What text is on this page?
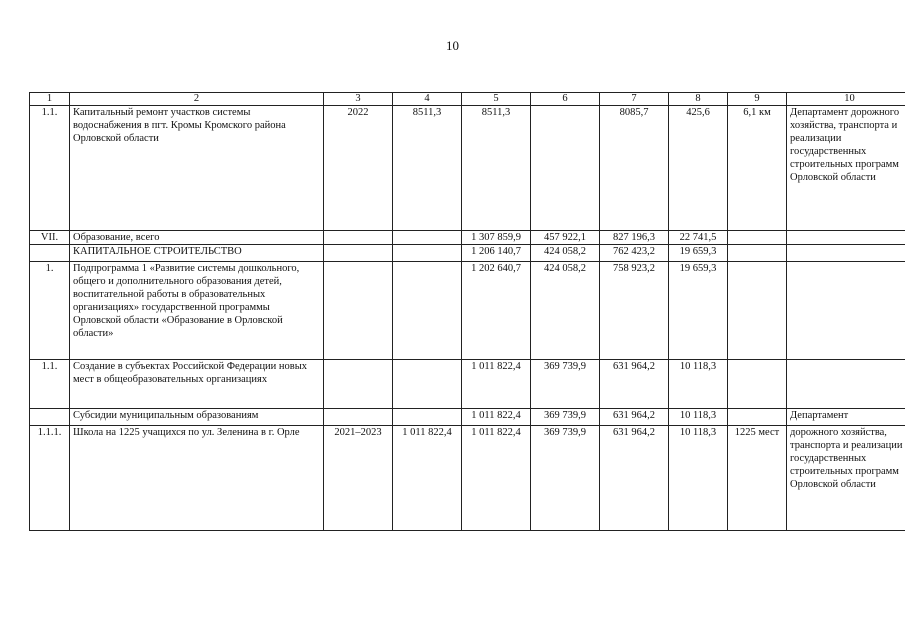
10
1	2	3	4	5	6	7	8	9	10
1.1.	Капитальный ремонт участков системы водоснабжения в пгт. Кромы Кромского района Орловской области	2022	8511,3	8511,3		8085,7	425,6	6,1 км	Департамент дорожного хозяйства, транспорта и реализации государственных строительных программ Орловской области
VII.	Образование, всего			1 307 859,9	457 922,1	827 196,3	22 741,5		
	КАПИТАЛЬНОЕ СТРОИТЕЛЬСТВО			1 206 140,7	424 058,2	762 423,2	19 659,3		
1.	Подпрограмма 1 «Развитие системы дошкольного, общего и дополнительного образования детей, воспитательной работы в образовательных организациях» государственной программы Орловской области «Образование в Орловской области»			1 202 640,7	424 058,2	758 923,2	19 659,3		
1.1.	Создание в субъектах Российской Федерации новых мест в общеобразовательных организациях			1 011 822,4	369 739,9	631 964,2	10 118,3		
	Субсидии муниципальным образованиям			1 011 822,4	369 739,9	631 964,2	10 118,3		Департамент
1.1.1.	Школа на 1225 учащихся по ул. Зеленина в г. Орле	2021–2023	1 011 822,4	1 011 822,4	369 739,9	631 964,2	10 118,3	1225 мест	дорожного хозяйства, транспорта и реализации государственных строительных программ Орловской области
